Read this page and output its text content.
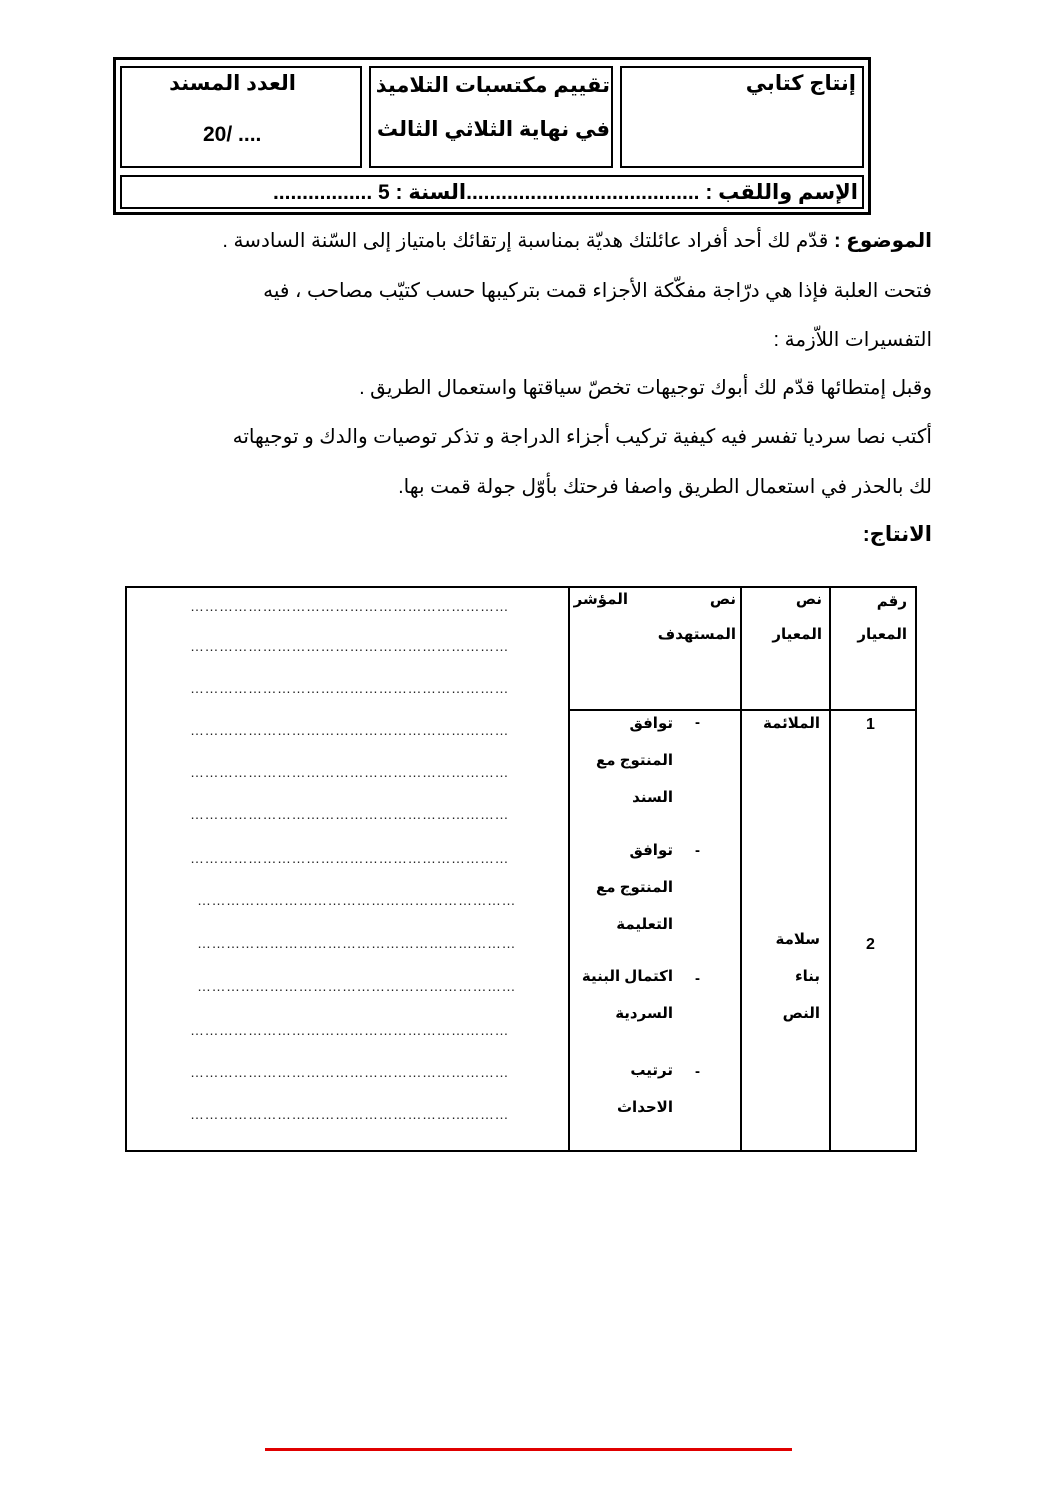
إنتاج كتابي
تقييم مكتسبات التلاميذ
في نهاية الثلاثي الثالث
العدد المسند
20/ ....
الإسم واللقب : ........................................السنة : 5 .................
الموضوع : قدّم لك أحد أفراد عائلتك هديّة بمناسبة إرتقائك بامتياز إلى السّنة السادسة .
فتحت العلبة فإذا هي درّاجة مفكّكة الأجزاء قمت بتركيبها حسب كتيّب مصاحب ، فيه
التفسيرات اللاّزمة :
وقبل إمتطائها قدّم لك أبوك توجيهات تخصّ سياقتها واستعمال الطريق .
أكتب نصا سرديا تفسر فيه كيفية تركيب أجزاء الدراجة و تذكر توصيات والدك و توجيهاته
لك بالحذر في استعمال الطريق واصفا فرحتك بأوّل جولة قمت بها.
الانتاج:
رقم
المعيار
نص
المعيار
نص
المؤشر
المستهدف
1
الملائمة
-
توافق
المنتوج مع
السند
-
توافق
المنتوج مع
التعليمة
2
سلامة
بناء
النص
-
اكتمال البنية
السردية
-
ترتيب
الاحداث
…………………………………………………………
…………………………………………………………
…………………………………………………………
…………………………………………………………
…………………………………………………………
…………………………………………………………
…………………………………………………………
…………………………………………………………
…………………………………………………………
…………………………………………………………
…………………………………………………………
…………………………………………………………
…………………………………………………………
